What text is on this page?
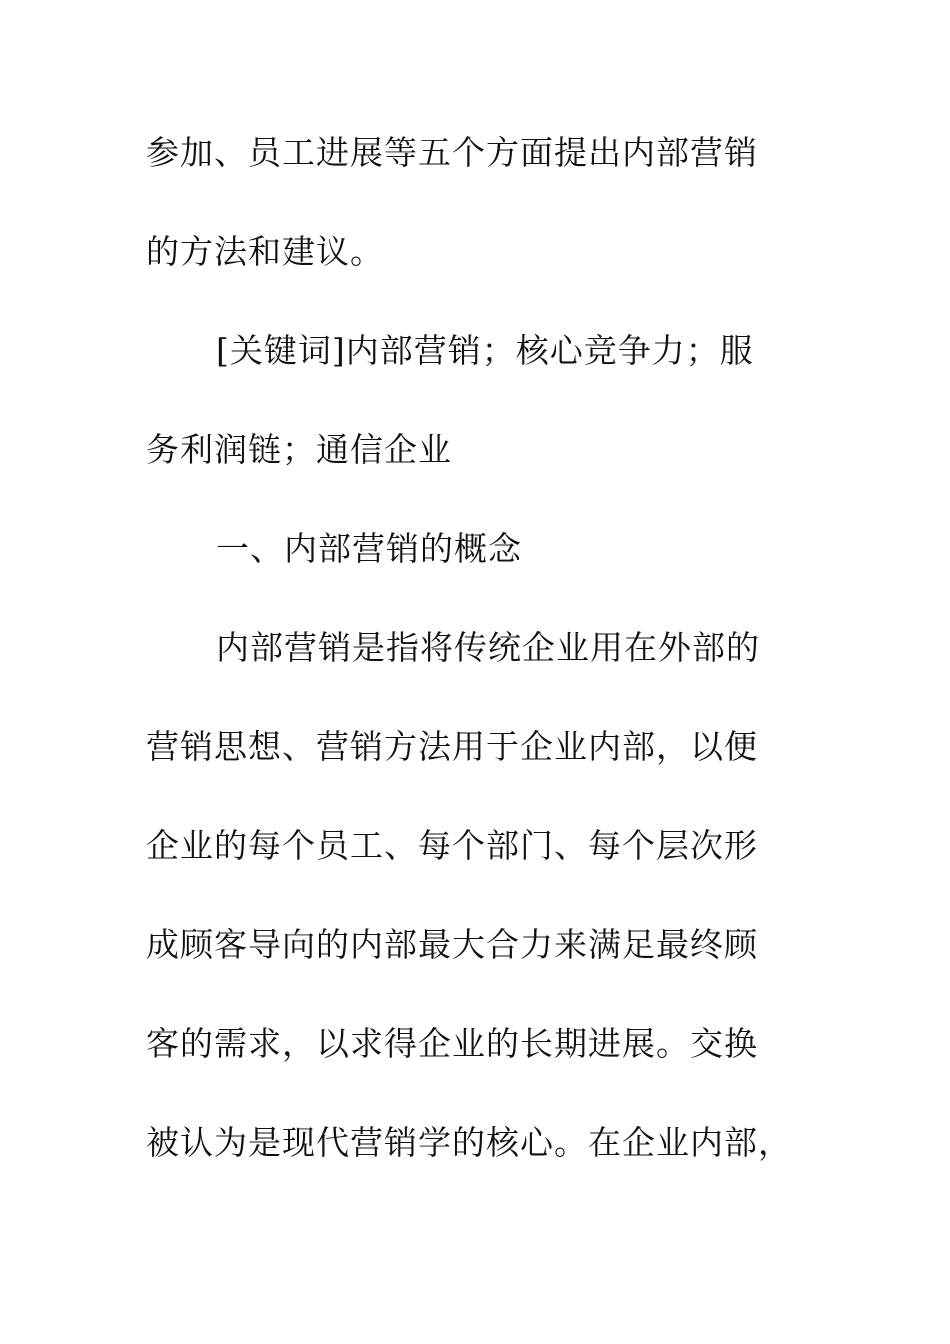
参加、员工进展等五个方面提出内部营销
的方法和建议。
[关键词]内部营销；核心竞争力；服
务利润链；通信企业
一、内部营销的概念
内部营销是指将传统企业用在外部的
营销思想、营销方法用于企业内部，以便
企业的每个员工、每个部门、每个层次形
成顾客导向的内部最大合力来满足最终顾
客的需求，以求得企业的长期进展。交换
被认为是现代营销学的核心。在企业内部，
